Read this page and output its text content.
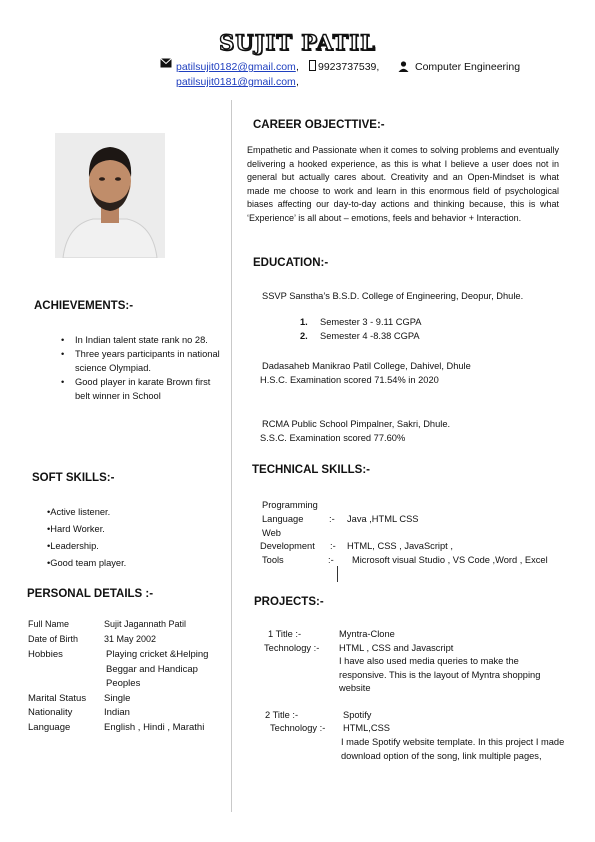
SUJIT PATIL
patilsujit0182@gmail.com , 9923737539,	Computer Engineering
patilsujit0181@gmail.com ,
ACHIEVEMENTS:-
• In Indian talent state rank no 28.
• Three years participants in national science Olympiad.
• Good player in karate Brown first belt winner in School
SOFT SKILLS:-
•Active listener.
•Hard Worker.
•Leadership.
•Good team player.
PERSONAL DETAILS :-
Full Name	Sujit Jagannath Patil
Date of Birth	31 May 2002
Hobbies	Playing cricket &Helping Beggar and Handicap Peoples
Marital Status	Single
Nationality	Indian
Language	English , Hindi , Marathi
CAREER OBJECTTIVE:-
Empathetic and Passionate when it comes to solving problems and eventually delivering a hooked experience, as this is what I believe a user does not in general but actually cares about. Creativity and an Open-Mindset is what made me choose to work and learn in this enormous field of psychological biases affecting our day-to-day actions and thinking because, this is what ‘Experience’ is all about – emotions, feels and behavior + Interaction.
EDUCATION:-
SSVP Sanstha’s B.S.D. College of Engineering, Deopur, Dhule.
1. Semester 3 - 9.11 CGPA
2. Semester 4 -8.38 CGPA
Dadasaheb Manikrao Patil College, Dahivel, Dhule
H.S.C. Examination scored 71.54% in 2020
RCMA Public School Pimpalner, Sakri, Dhule.
S.S.C. Examination scored 77.60%
TECHNICAL SKILLS:-
Programming
Language	:- Java ,HTML CSS
Web
Development :- HTML, CSS , JavaScript ,
Tools	:- Microsoft visual Studio , VS Code ,Word , Excel
PROJECTS:-
1 Title :-	Myntra-Clone
Technology :- HTML , CSS and Javascript
I have also used media queries to make the responsive. This is the layout of Myntra shopping website
2 Title :-	Spotify
Technology :- HTML,CSS
I made Spotify website template. In this project I made download option of the song, link multiple pages,
